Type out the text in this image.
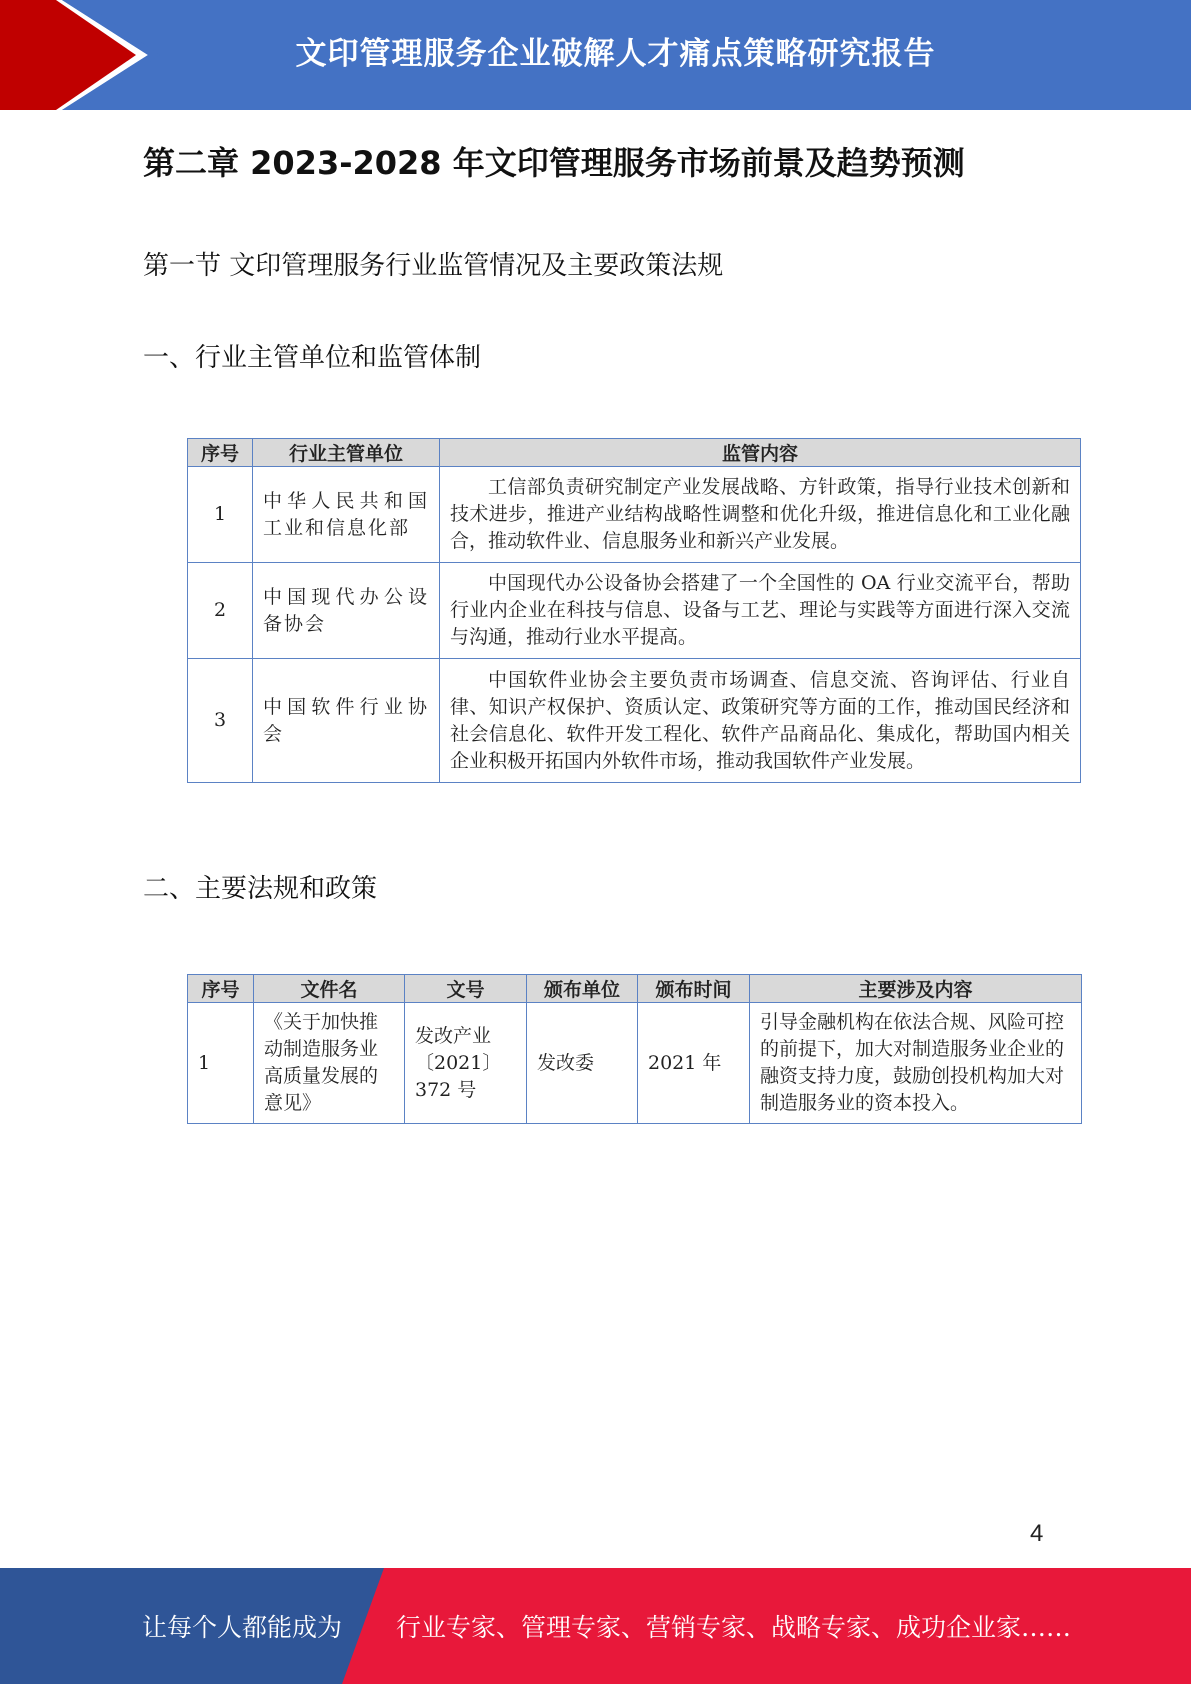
文印管理服务企业破解人才痛点策略研究报告
第二章 2023-2028 年文印管理服务市场前景及趋势预测
第一节 文印管理服务行业监管情况及主要政策法规
一、行业主管单位和监管体制
序号	行业主管单位	监管内容
1	中华人民共和国工业和信息化部	工信部负责研究制定产业发展战略、方针政策，指导行业技术创新和技术进步，推进产业结构战略性调整和优化升级，推进信息化和工业化融合，推动软件业、信息服务业和新兴产业发展。
2	中国现代办公设备协会	中国现代办公设备协会搭建了一个全国性的 OA 行业交流平台，帮助行业内企业在科技与信息、设备与工艺、理论与实践等方面进行深入交流与沟通，推动行业水平提高。
3	中国软件行业协会	中国软件业协会主要负责市场调查、信息交流、咨询评估、行业自律、知识产权保护、资质认定、政策研究等方面的工作，推动国民经济和社会信息化、软件开发工程化、软件产品商品化、集成化，帮助国内相关企业积极开拓国内外软件市场，推动我国软件产业发展。
二、主要法规和政策
序号	文件名	文号	颁布单位	颁布时间	主要涉及内容
1	《关于加快推动制造服务业高质量发展的意见》	发改产业〔2021〕372 号	发改委	2021 年	引导金融机构在依法合规、风险可控的前提下，加大对制造服务业企业的融资支持力度，鼓励创投机构加大对制造服务业的资本投入。
4
让每个人都能成为 行业专家、管理专家、营销专家、战略专家、成功企业家……
